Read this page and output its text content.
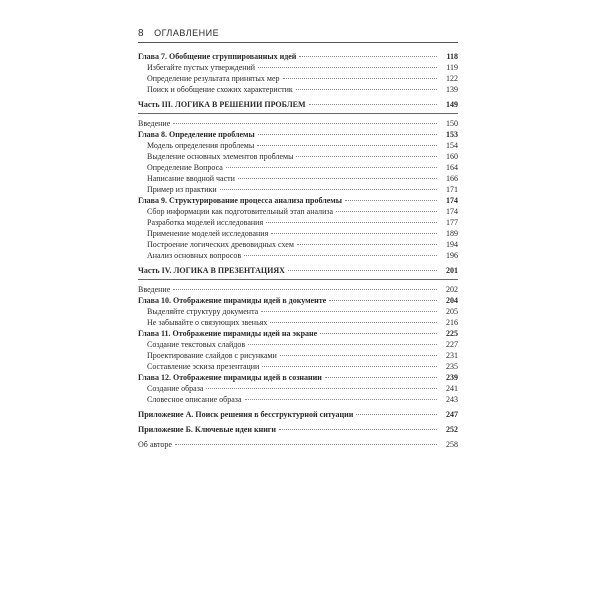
8 ОГЛАВЛЕНИЕ
Глава 7. Обобщение сгруппированных идей	118
Избегайте пустых утверждений	119
Определение результата принятых мер	122
Поиск и обобщение схожих характеристик	139
Часть III. ЛОГИКА В РЕШЕНИИ ПРОБЛЕМ	149
Введение	150
Глава 8. Определение проблемы	153
Модель определения проблемы	154
Выделение основных элементов проблемы	160
Определение Вопроса	164
Написание вводной части	166
Пример из практики	171
Глава 9. Структурирование процесса анализа проблемы	174
Сбор информации как подготовительный этап анализа	174
Разработка моделей исследования	177
Применение моделей исследования	189
Построение логических древовидных схем	194
Анализ основных вопросов	196
Часть IV. ЛОГИКА В ПРЕЗЕНТАЦИЯХ	201
Введение	202
Глава 10. Отображение пирамиды идей в документе	204
Выделяйте структуру документа	205
Не забывайте о связующих звеньях	216
Глава 11. Отображение пирамиды идей на экране	225
Создание текстовых слайдов	227
Проектирование слайдов с рисунками	231
Составление эскиза презентации	235
Глава 12. Отображение пирамиды идей в сознании	239
Создание образа	241
Словесное описание образа	243
Приложение А. Поиск решения в бесструктурной ситуации	247
Приложение Б. Ключевые идеи книги	252
Об авторе	258
